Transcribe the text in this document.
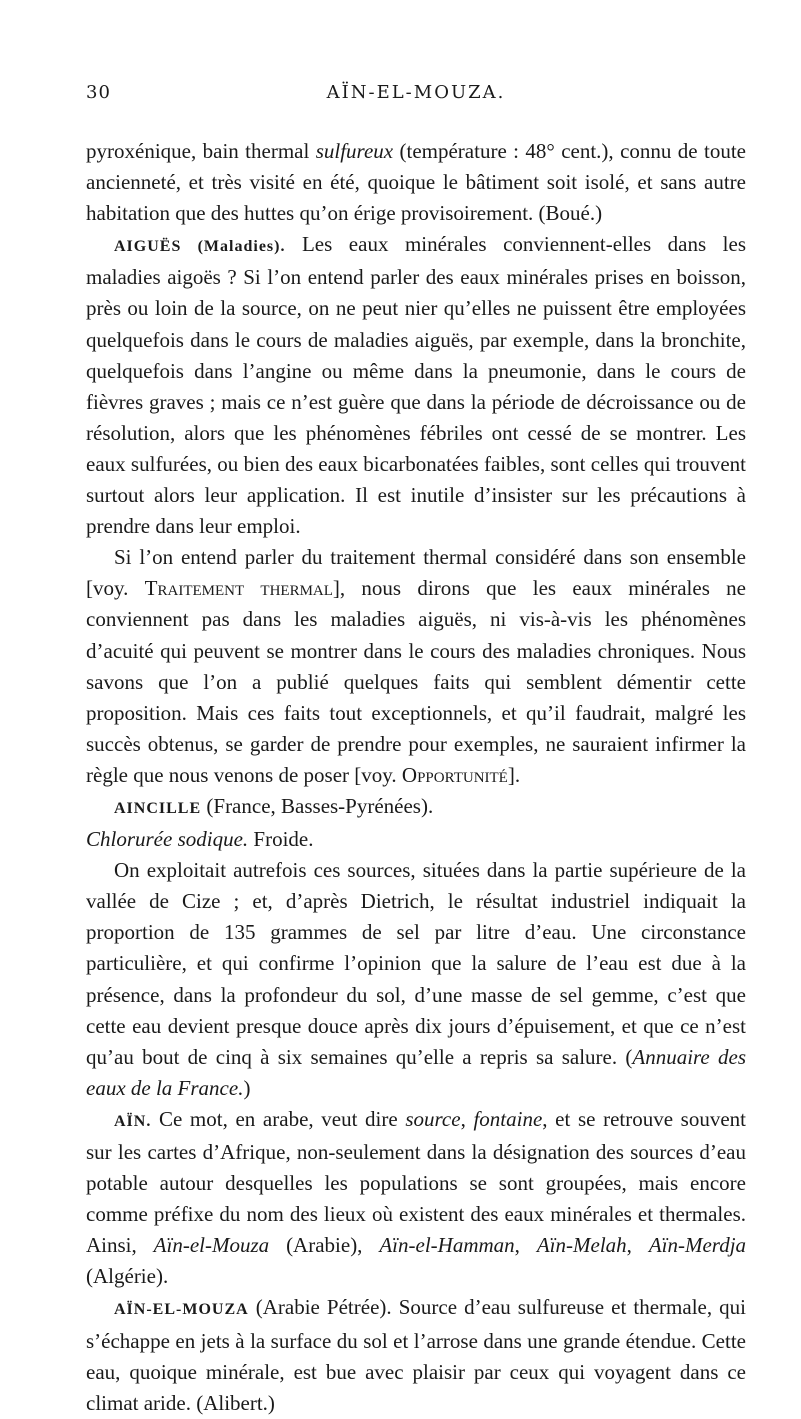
30	AÏN-EL-MOUZA.

pyroxénique, bain thermal sulfureux (température : 48° cent.), connu de toute ancienneté, et très visité en été, quoique le bâtiment soit isolé, et sans autre habitation que des huttes qu’on érige provisoirement. (Boué.)

AIGUËS (Maladies). Les eaux minérales conviennent-elles dans les maladies aigoës ? Si l’on entend parler des eaux minérales prises en boisson, près ou loin de la source, on ne peut nier qu’elles ne puissent être employées quelquefois dans le cours de maladies aiguës, par exemple, dans la bronchite, quelquefois dans l’angine ou même dans la pneumonie, dans le cours de fièvres graves ; mais ce n’est guère que dans la période de décroissance ou de résolution, alors que les phénomènes fébriles ont cessé de se montrer. Les eaux sulfurées, ou bien des eaux bicarbonatées faibles, sont celles qui trouvent surtout alors leur application. Il est inutile d’insister sur les précautions à prendre dans leur emploi.

Si l’on entend parler du traitement thermal considéré dans son ensemble [voy. Traitement thermal], nous dirons que les eaux minérales ne conviennent pas dans les maladies aiguës, ni vis-à-vis les phénomènes d’acuité qui peuvent se montrer dans le cours des maladies chroniques. Nous savons que l’on a publié quelques faits qui semblent démentir cette proposition. Mais ces faits tout exceptionnels, et qu’il faudrait, malgré les succès obtenus, se garder de prendre pour exemples, ne sauraient infirmer la règle que nous venons de poser [voy. Opportunité].

AINCILLE (France, Basses-Pyrénées).
Chlorurée sodique. Froide.

On exploitait autrefois ces sources, situées dans la partie supérieure de la vallée de Cize ; et, d’après Dietrich, le résultat industriel indiquait la proportion de 135 grammes de sel par litre d’eau. Une circonstance particulière, et qui confirme l’opinion que la salure de l’eau est due à la présence, dans la profondeur du sol, d’une masse de sel gemme, c’est que cette eau devient presque douce après dix jours d’épuisement, et que ce n’est qu’au bout de cinq à six semaines qu’elle a repris sa salure. (Annuaire des eaux de la France.)

AÏN. Ce mot, en arabe, veut dire source, fontaine, et se retrouve souvent sur les cartes d’Afrique, non-seulement dans la désignation des sources d’eau potable autour desquelles les populations se sont groupées, mais encore comme préfixe du nom des lieux où existent des eaux minérales et thermales. Ainsi, Aïn-el-Mouza (Arabie), Aïn-el-Hamman, Aïn-Melah, Aïn-Merdja (Algérie).

AÏN-EL-MOUZA (Arabie Pétrée). Source d’eau sulfureuse et thermale, qui s’échappe en jets à la surface du sol et l’arrose dans une grande étendue. Cette eau, quoique minérale, est bue avec plaisir par ceux qui voyagent dans ce climat aride. (Alibert.)
